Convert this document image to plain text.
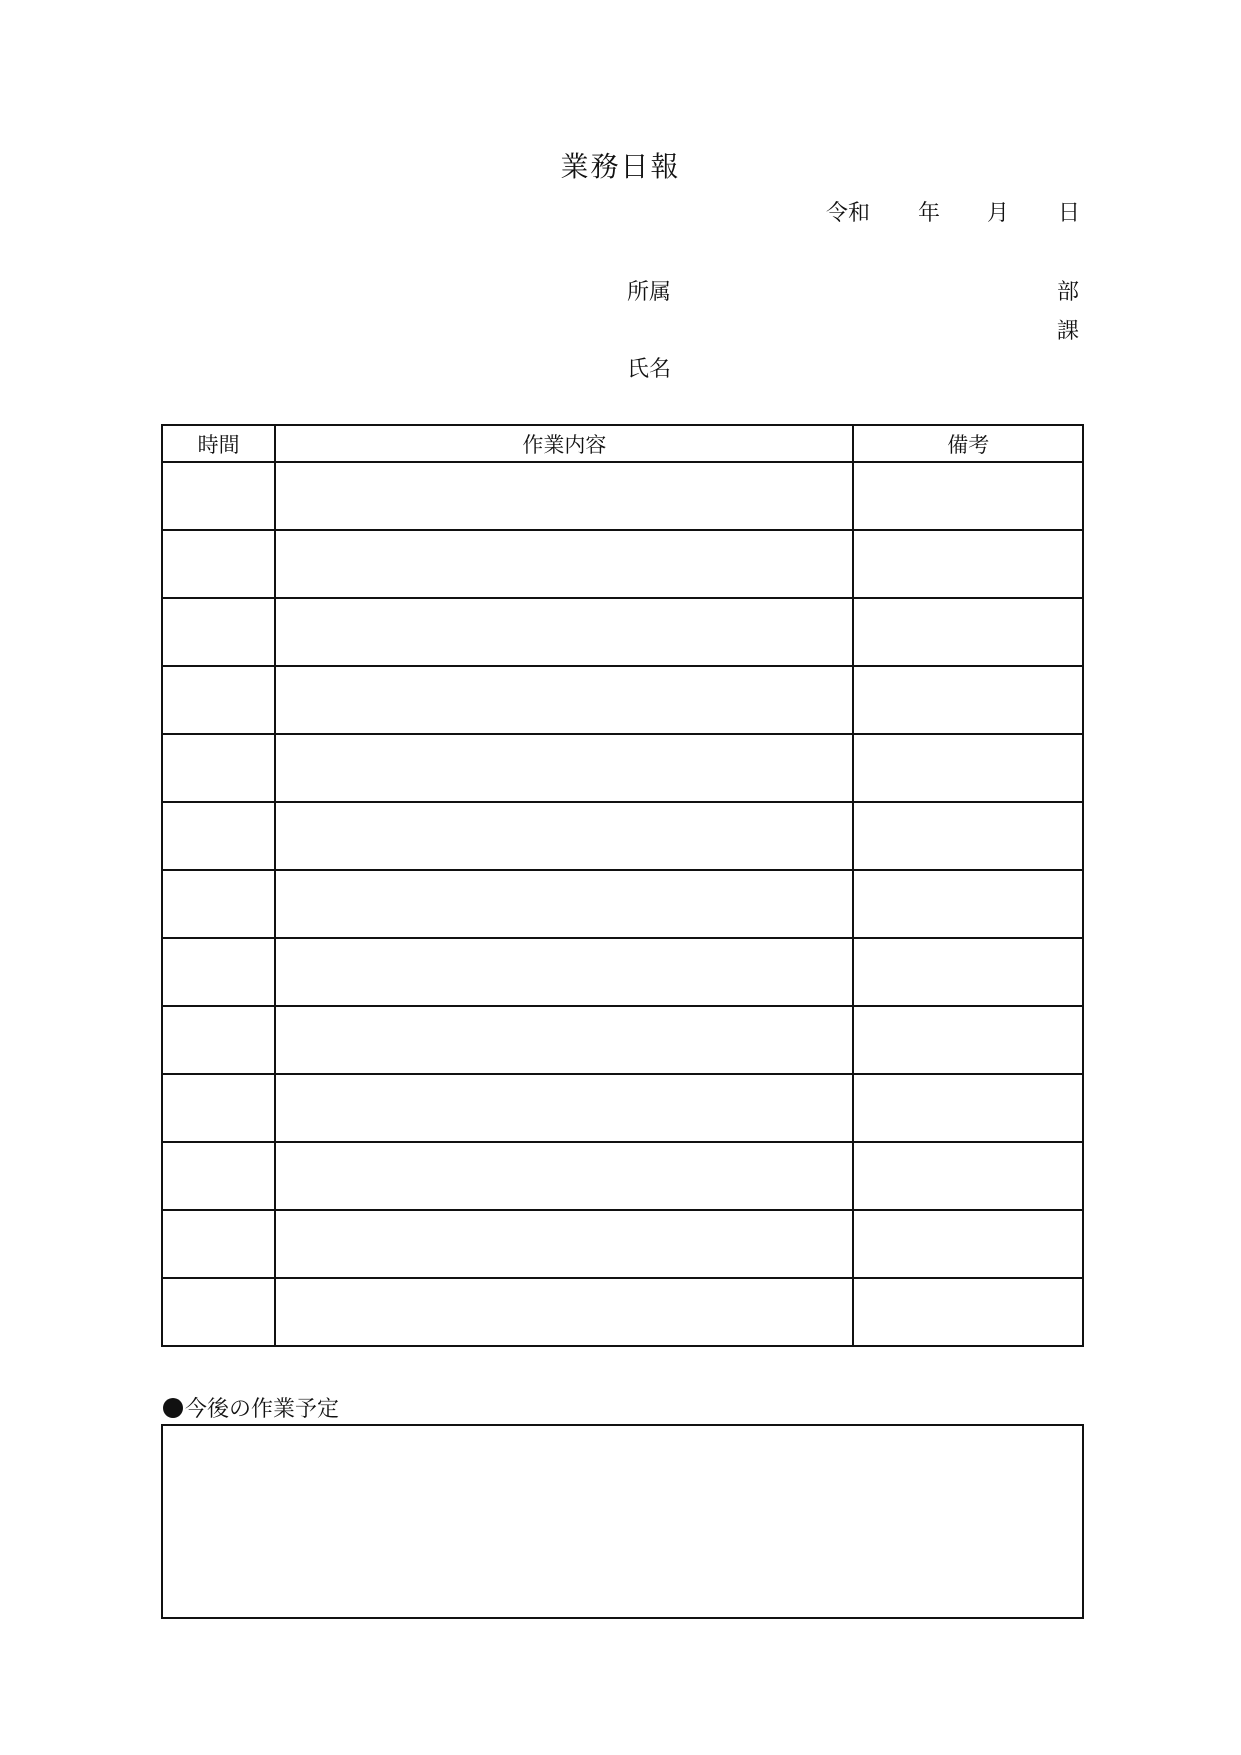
業務日報
令和 年 月 日
所属	部
課
氏名
時間	作業内容	備考

今後の作業予定
